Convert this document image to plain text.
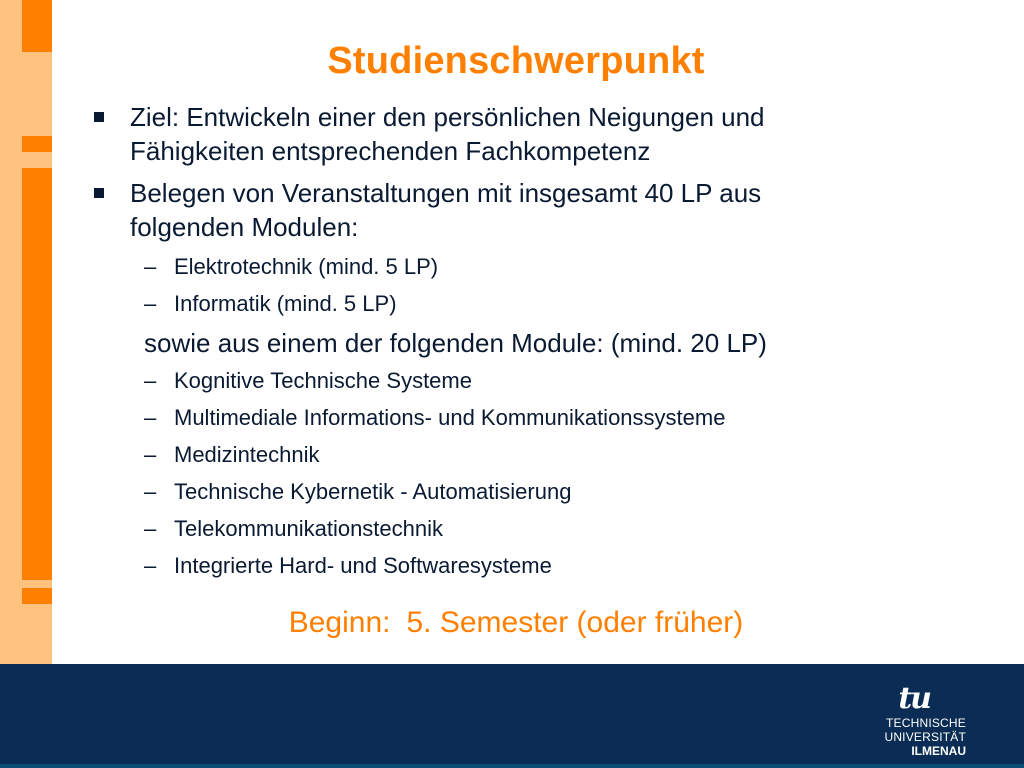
Studienschwerpunkt
Ziel: Entwickeln einer den persönlichen Neigungen und
Fähigkeiten entsprechenden Fachkompetenz
Belegen von Veranstaltungen mit insgesamt 40 LP aus
folgenden Modulen:
– Elektrotechnik (mind. 5 LP)
– Informatik (mind. 5 LP)
sowie aus einem der folgenden Module: (mind. 20 LP)
– Kognitive Technische Systeme
– Multimediale Informations- und Kommunikationssysteme
– Medizintechnik
– Technische Kybernetik - Automatisierung
– Telekommunikationstechnik
– Integrierte Hard- und Softwaresysteme
Beginn: 5. Semester (oder früher)
tu
TECHNISCHE UNIVERSITÄT
ILMENAU
